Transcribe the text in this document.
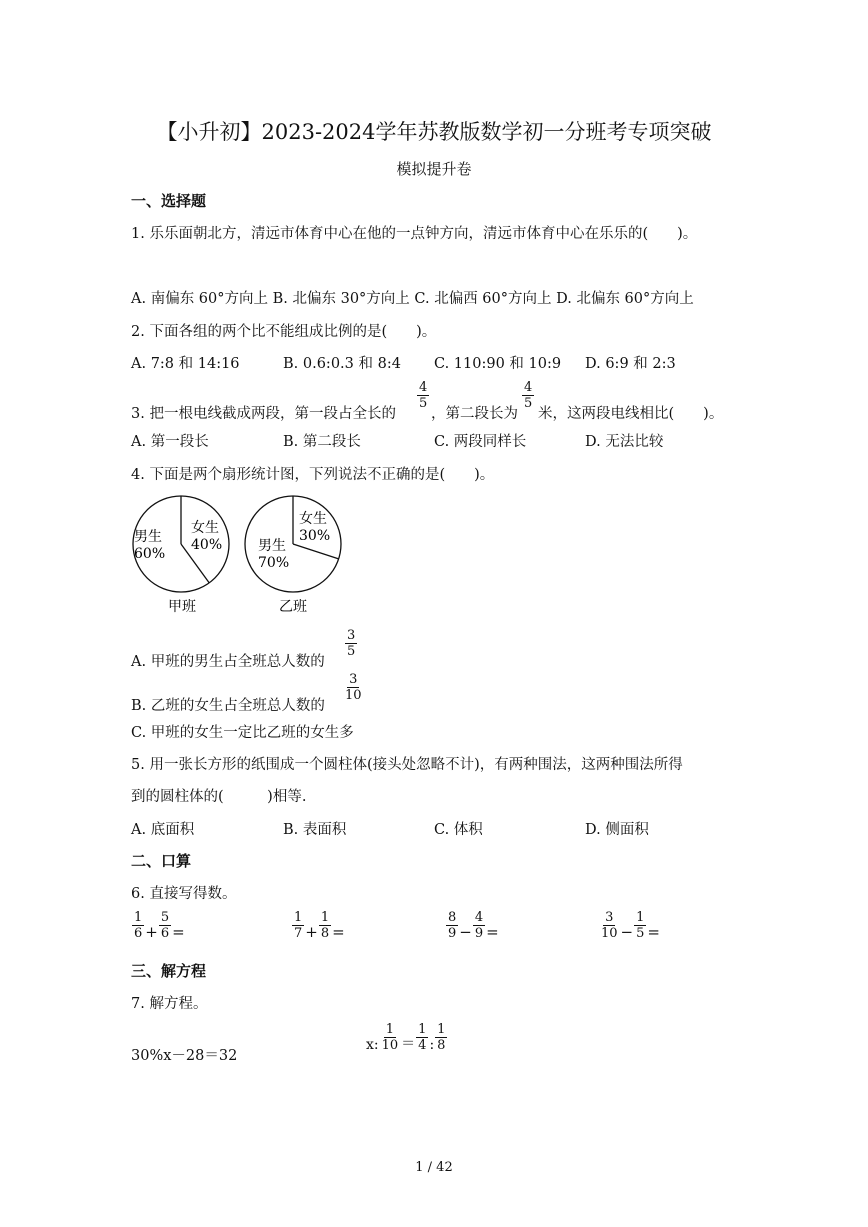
【小升初】2023-2024学年苏教版数学初一分班考专项突破
模拟提升卷
一、选择题
1. 乐乐面朝北方，清远市体育中心在他的一点钟方向，清远市体育中心在乐乐的(　　)。
A. 南偏东 60°方向上 B. 北偏东 30°方向上 C. 北偏西 60°方向上 D. 北偏东 60°方向上
2. 下面各组的两个比不能组成比例的是(　　)。
A. 7:8 和 14:16	B. 0.6:0.3 和 8:4 C. 110:90 和 10:9 D. 6:9 和 2:3
3. 把一根电线截成两段，第一段占全长的
4
5
，第二段长为
4
5
米，这两段电线相比(　　)。
A. 第一段长	B. 第二段长	C. 两段同样长	D. 无法比较
4. 下面是两个扇形统计图，下列说法不正确的是(　　)。
男生
60%
女生
40%
甲班
男生
70%
女生
30%
乙班
A. 甲班的男生占全班总人数的
3
5
B. 乙班的女生占全班总人数的
3
10
C. 甲班的女生一定比乙班的女生多
5. 用一张长方形的纸围成一个圆柱体(接头处忽略不计)，有两种围法，这两种围法所得
到的圆柱体的(　　　)相等.
A. 底面积	B. 表面积	C. 体积	D. 侧面积
二、口算
6. 直接写得数。
$\frac{1}{6} + \frac{5}{6}$ =	$\frac{1}{7} + \frac{1}{8}$ =	$\frac{8}{9} - \frac{4}{9}$ =	$\frac{3}{10} - \frac{1}{5}$ =
三、解方程
7. 解方程。
30%x－28＝32
x: $\frac{1}{10} = \frac{1}{4}$ : $\frac{1}{8}$
1 / 42
